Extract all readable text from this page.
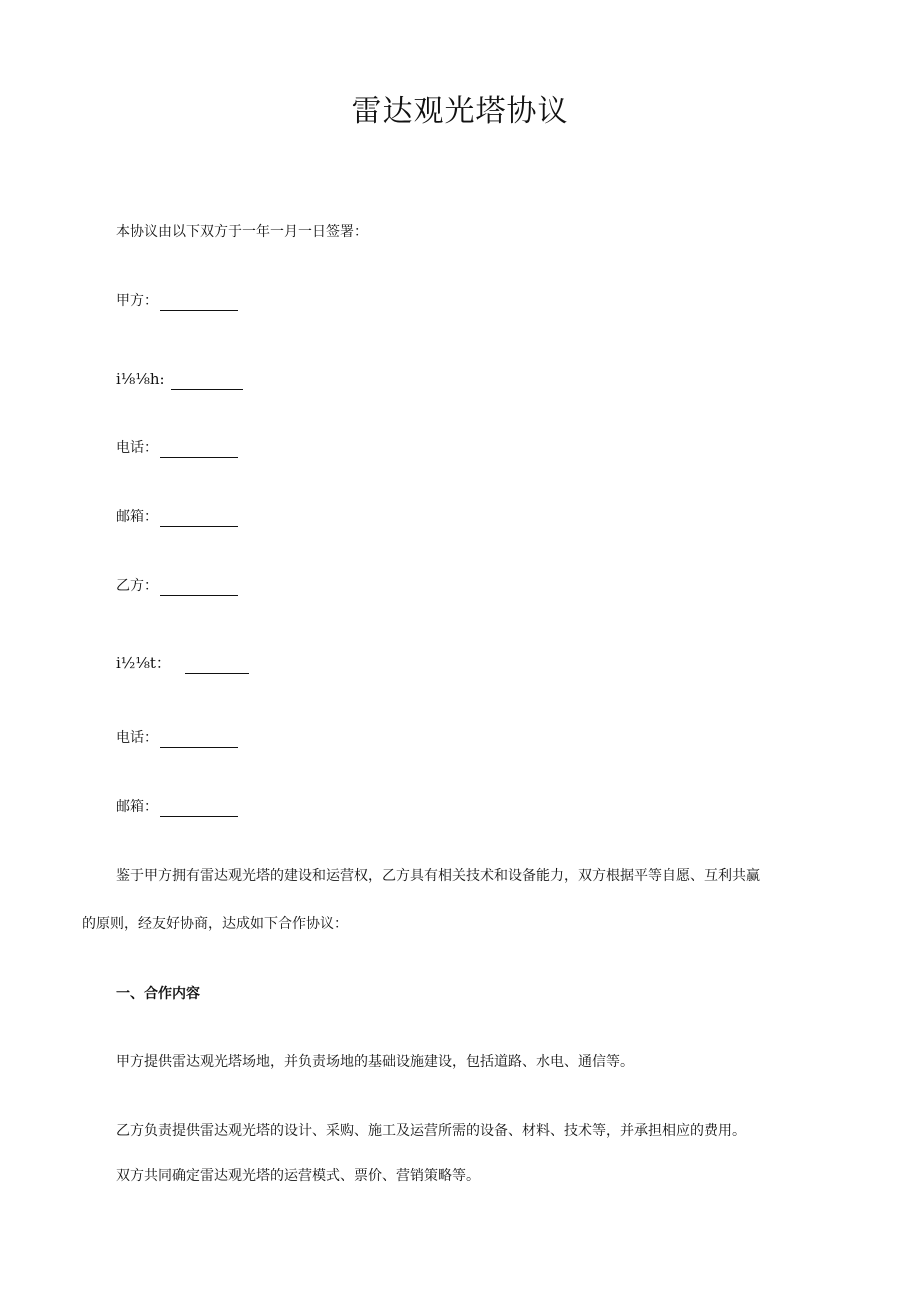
雷达观光塔协议
本协议由以下双方于一年一月一日签署：
甲方：
i⅛⅛h:
电话：
邮箱：
乙方：
i½⅛t：
电话：
邮箱：
鉴于甲方拥有雷达观光塔的建设和运营权，乙方具有相关技术和设备能力，双方根据平等自愿、互利共赢
的原则，经友好协商，达成如下合作协议：
一、合作内容
甲方提供雷达观光塔场地，并负责场地的基础设施建设，包括道路、水电、通信等。
乙方负责提供雷达观光塔的设计、采购、施工及运营所需的设备、材料、技术等，并承担相应的费用。
双方共同确定雷达观光塔的运营模式、票价、营销策略等。
